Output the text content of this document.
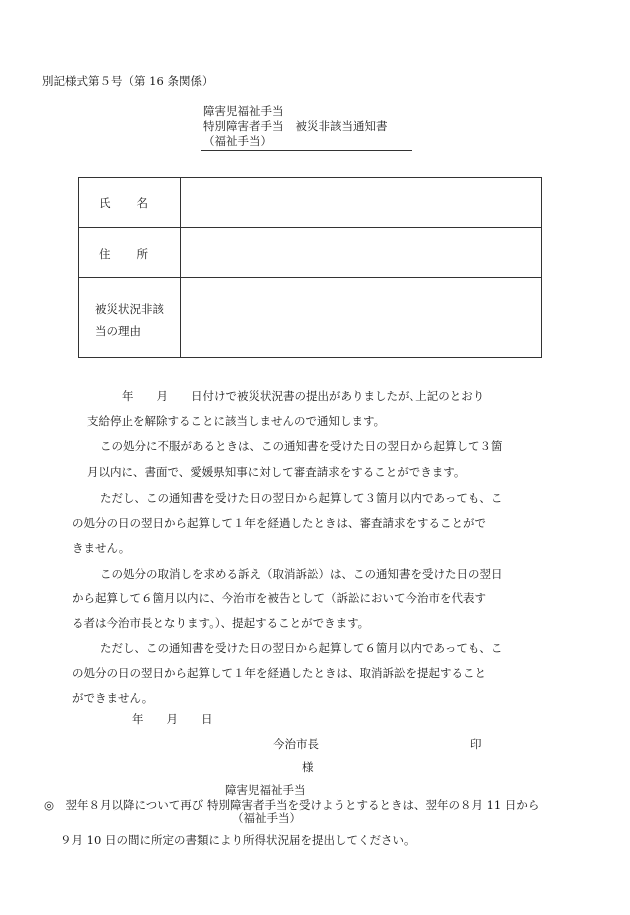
別記様式第５号（第 16 条関係）
障害児福祉手当
特別障害者手当 被災非該当通知書
（福祉手当）
氏名
住所
被災状況非該当の理由
年　　月　　日付けで被災状況書の提出がありましたが､上記のとおり
支給停止を解除することに該当しませんので通知します。
この処分に不服があるときは、この通知書を受けた日の翌日から起算して３箇
月以内に、書面で、愛媛県知事に対して審査請求をすることができます。
ただし、この通知書を受けた日の翌日から起算して３箇月以内であっても、こ
の処分の日の翌日から起算して１年を経過したときは、審査請求をすることがで
きません。
この処分の取消しを求める訴え（取消訴訟）は、この通知書を受けた日の翌日
から起算して６箇月以内に、今治市を被告として（訴訟において今治市を代表す
る者は今治市長となります。）、提起することができます。
ただし、この通知書を受けた日の翌日から起算して６箇月以内であっても、こ
の処分の日の翌日から起算して１年を経過したときは、取消訴訟を提起すること
ができません。
年　　月　　日
今治市長	印
様
障害児福祉手当
◎　翌年８月以降について再び 特別障害者手当を受けようとするときは、翌年の８月 11 日から
（福祉手当）
９月 10 日の間に所定の書類により所得状況届を提出してください。
